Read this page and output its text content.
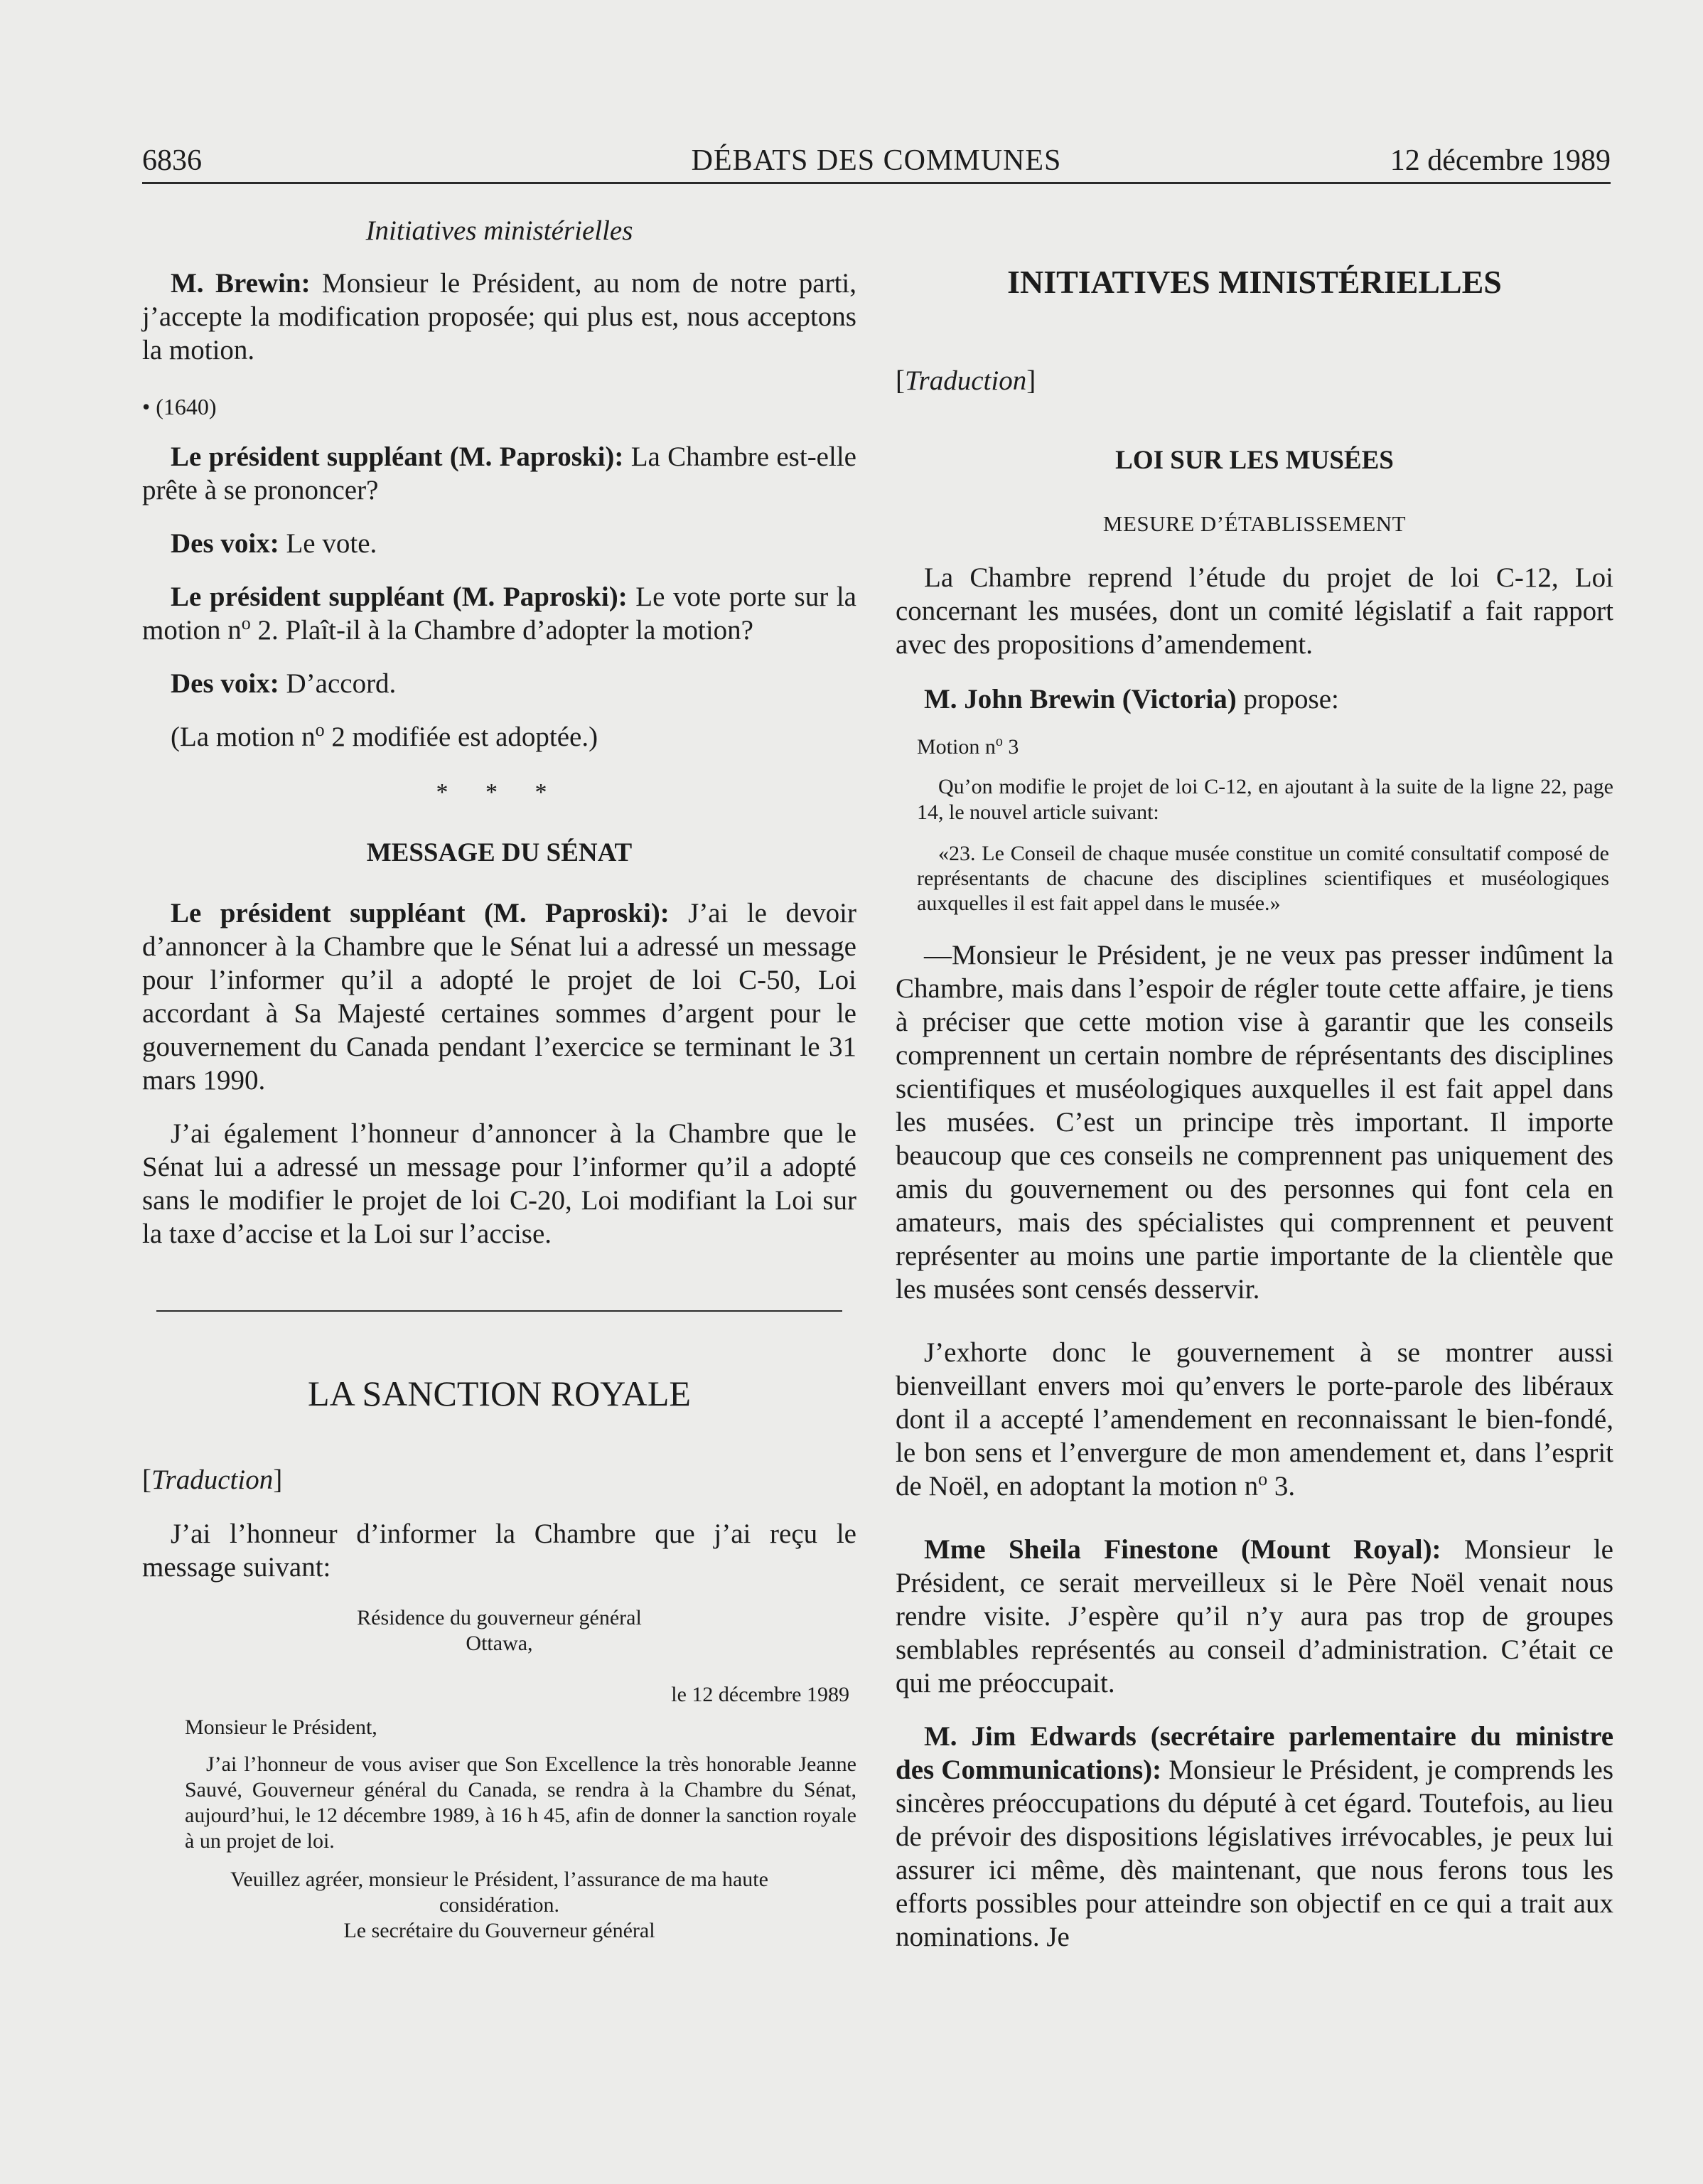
6836	DÉBATS DES COMMUNES	12 décembre 1989

Initiatives ministérielles

M. Brewin: Monsieur le Président, au nom de notre parti, j’accepte la modification proposée; qui plus est, nous acceptons la motion.

• (1640)

Le président suppléant (M. Paproski): La Chambre est-elle prête à se prononcer?

Des voix: Le vote.

Le président suppléant (M. Paproski): Le vote porte sur la motion $n^o$ 2. Plaît-il à la Chambre d’adopter la motion?

Des voix: D’accord.

(La motion $n^o$ 2 modifiée est adoptée.)

* * *

MESSAGE DU SÉNAT

Le président suppléant (M. Paproski): J’ai le devoir d’annoncer à la Chambre que le Sénat lui a adressé un message pour l’informer qu’il a adopté le projet de loi C-50, Loi accordant à Sa Majesté certaines sommes d’argent pour le gouvernement du Canada pendant l’exercice se terminant le 31 mars 1990.

J’ai également l’honneur d’annoncer à la Chambre que le Sénat lui a adressé un message pour l’informer qu’il a adopté sans le modifier le projet de loi C-20, Loi modifiant la Loi sur la taxe d’accise et la Loi sur l’accise.

LA SANCTION ROYALE

[Traduction]

J’ai l’honneur d’informer la Chambre que j’ai reçu le message suivant:

Résidence du gouverneur général

Ottawa,

le 12 décembre 1989

Monsieur le Président,

J’ai l’honneur de vous aviser que Son Excellence la très honorable Jeanne Sauvé, Gouverneur général du Canada, se rendra à la Chambre du Sénat, aujourd’hui, le 12 décembre 1989, à 16 h 45, afin de donner la sanction royale à un projet de loi.

Veuillez agréer, monsieur le Président, l’assurance de ma haute considération.

Le secrétaire du Gouverneur général

INITIATIVES MINISTÉRIELLES

[Traduction]

LOI SUR LES MUSÉES

MESURE D’ÉTABLISSEMENT

La Chambre reprend l’étude du projet de loi C-12, Loi concernant les musées, dont un comité législatif a fait rapport avec des propositions d’amendement.

M. John Brewin (Victoria) propose:

Motion $n^o$ 3

Qu’on modifie le projet de loi C-12, en ajoutant à la suite de la ligne 22, page 14, le nouvel article suivant:

«23. Le Conseil de chaque musée constitue un comité consultatif composé de représentants de chacune des disciplines scientifiques et muséologiques auxquelles il est fait appel dans le musée.»

—Monsieur le Président, je ne veux pas presser indûment la Chambre, mais dans l’espoir de régler toute cette affaire, je tiens à préciser que cette motion vise à garantir que les conseils comprennent un certain nombre de réprésentants des disciplines scientifiques et muséologiques auxquelles il est fait appel dans les musées. C’est un principe très important. Il importe beaucoup que ces conseils ne comprennent pas uniquement des amis du gouvernement ou des personnes qui font cela en amateurs, mais des spécialistes qui comprennent et peuvent représenter au moins une partie importante de la clientèle que les musées sont censés desservir.

J’exhorte donc le gouvernement à se montrer aussi bienveillant envers moi qu’envers le porte-parole des libéraux dont il a accepté l’amendement en reconnaissant le bien-fondé, le bon sens et l’envergure de mon amendement et, dans l’esprit de Noël, en adoptant la motion $n^o$ 3.

Mme Sheila Finestone (Mount Royal): Monsieur le Président, ce serait merveilleux si le Père Noël venait nous rendre visite. J’espère qu’il n’y aura pas trop de groupes semblables représentés au conseil d’administration. C’était ce qui me préoccupait.

M. Jim Edwards (secrétaire parlementaire du ministre des Communications): Monsieur le Président, je comprends les sincères préoccupations du député à cet égard. Toutefois, au lieu de prévoir des dispositions législatives irrévocables, je peux lui assurer ici même, dès maintenant, que nous ferons tous les efforts possibles pour atteindre son objectif en ce qui a trait aux nominations. Je
